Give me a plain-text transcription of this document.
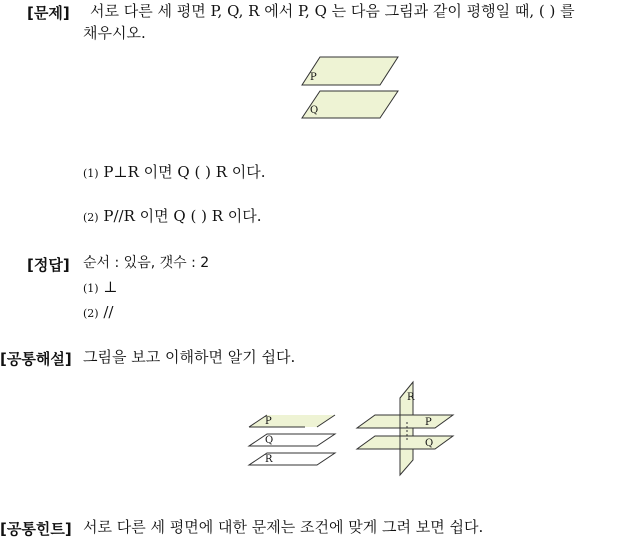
[문제] 서로 다른 세 평면 P, Q, R 에서 P, Q 는 다음 그림과 같이 평행일 때, ( ) 를
채우시오.
P
Q
(1) P⊥R 이면 Q ( ) R 이다.
(2) P//R 이면 Q ( ) R 이다.
[정답] 순서 : 있음, 갯수 : 2
(1) ⊥
(2) //
[공통해설] 그림을 보고 이해하면 알기 쉽다.
P
Q
R
R
P
Q
[공통힌트] 서로 다른 세 평면에 대한 문제는 조건에 맞게 그려 보면 쉽다.
